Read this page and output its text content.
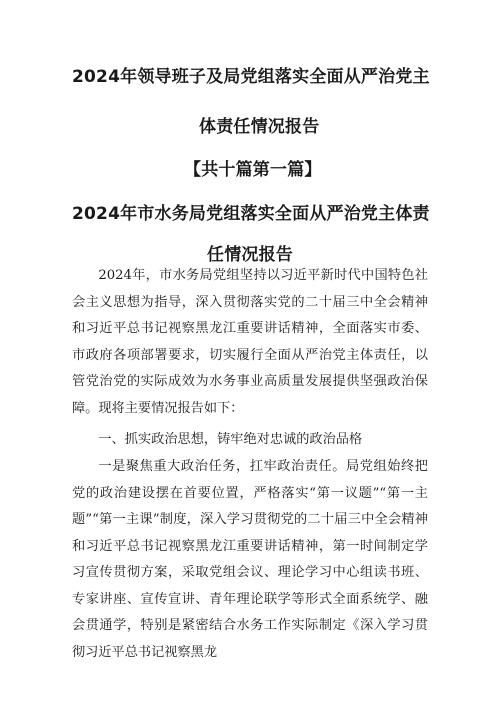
2024年领导班子及局党组落实全面从严治党主
体责任情况报告
【共十篇第一篇】
2024年市水务局党组落实全面从严治党主体责
任情况报告

2024年，市水务局党组坚持以习近平新时代中国特色社会主义思想为指导，深入贯彻落实党的二十届三中全会精神和习近平总书记视察黑龙江重要讲话精神，全面落实市委、市政府各项部署要求，切实履行全面从严治党主体责任，以管党治党的实际成效为水务事业高质量发展提供坚强政治保障。现将主要情况报告如下：

一、抓实政治思想，铸牢绝对忠诚的政治品格

一是聚焦重大政治任务，扛牢政治责任。局党组始终把党的政治建设摆在首要位置，严格落实“第一议题”“第一主题”“第一主课”制度，深入学习贯彻党的二十届三中全会精神和习近平总书记视察黑龙江重要讲话精神，第一时间制定学习宣传贯彻方案，采取党组会议、理论学习中心组读书班、专家讲座、宣传宣讲、青年理论联学等形式全面系统学、融会贯通学，特别是紧密结合水务工作实际制定《深入学习贯彻习近平总书记视察黑龙
